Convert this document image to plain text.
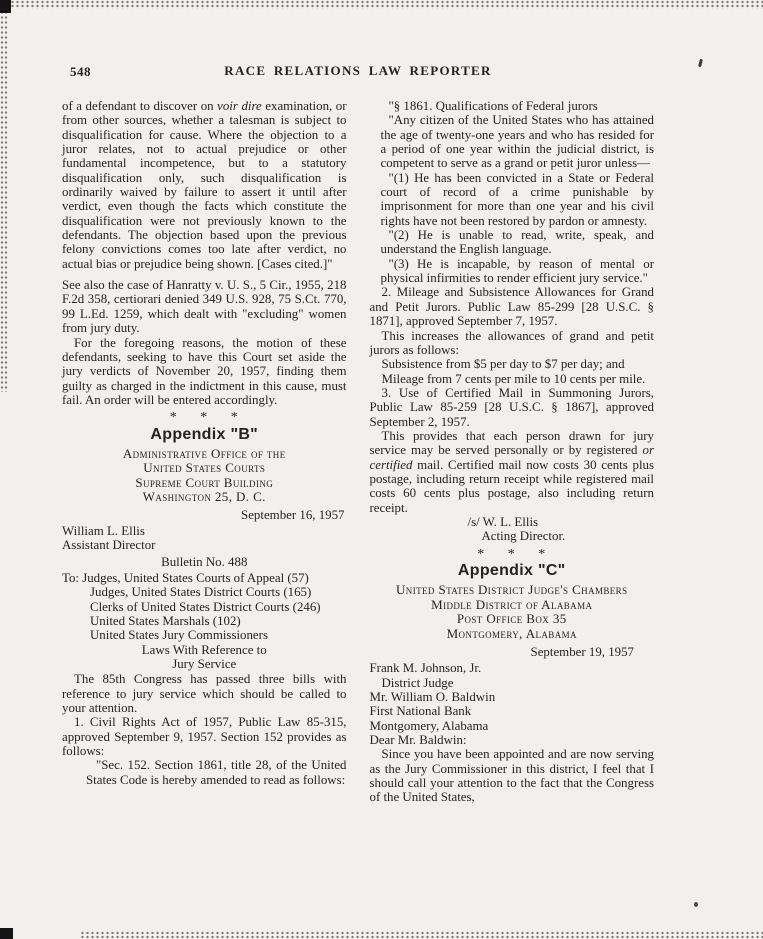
548	RACE RELATIONS LAW REPORTER

of a defendant to discover on voir dire examination, or from other sources, whether a talesman is subject to disqualification for cause. Where the objection to a juror relates, not to actual prejudice or other fundamental incompetence, but to a statutory disqualification only, such disqualification is ordinarily waived by failure to assert it until after verdict, even though the facts which constitute the disqualification were not previously known to the defendants. The objection based upon the previous felony convictions comes too late after verdict, no actual bias or prejudice being shown. [Cases cited.]"

See also the case of Hanratty v. U. S., 5 Cir., 1955, 218 F.2d 358, certiorari denied 349 U.S. 928, 75 S.Ct. 770, 99 L.Ed. 1259, which dealt with "excluding" women from jury duty.

For the foregoing reasons, the motion of these defendants, seeking to have this Court set aside the jury verdicts of November 20, 1957, finding them guilty as charged in the indictment in this cause, must fail. An order will be entered accordingly.

* * *
Appendix "B"
Administrative Office of the
United States Courts
Supreme Court Building
Washington 25, D. C.
September 16, 1957
William L. Ellis
Assistant Director
Bulletin No. 488
To: Judges, United States Courts of Appeal (57)
Judges, United States District Courts (165)
Clerks of United States District Courts (246)
United States Marshals (102)
United States Jury Commissioners
Laws With Reference to
Jury Service

The 85th Congress has passed three bills with reference to jury service which should be called to your attention.

1. Civil Rights Act of 1957, Public Law 85-315, approved September 9, 1957. Section 152 provides as follows:

"Sec. 152. Section 1861, title 28, of the United States Code is hereby amended to read as follows:

"§ 1861. Qualifications of Federal jurors

"Any citizen of the United States who has attained the age of twenty-one years and who has resided for a period of one year within the judicial district, is competent to serve as a grand or petit juror unless—

"(1) He has been convicted in a State or Federal court of record of a crime punishable by imprisonment for more than one year and his civil rights have not been restored by pardon or amnesty.

"(2) He is unable to read, write, speak, and understand the English language.

"(3) He is incapable, by reason of mental or physical infirmities to render efficient jury service."

2. Mileage and Subsistence Allowances for Grand and Petit Jurors. Public Law 85-299 [28 U.S.C. § 1871], approved September 7, 1957.

This increases the allowances of grand and petit jurors as follows:

Subsistence from $5 per day to $7 per day; and

Mileage from 7 cents per mile to 10 cents per mile.

3. Use of Certified Mail in Summoning Jurors, Public Law 85-259 [28 U.S.C. § 1867], approved September 2, 1957.

This provides that each person drawn for jury service may be served personally or by registered or certified mail. Certified mail now costs 30 cents plus postage, including return receipt while registered mail costs 60 cents plus postage, also including return receipt.

/s/ W. L. Ellis
Acting Director.
* * *
Appendix "C"
United States District Judge's Chambers
Middle District of Alabama
Post Office Box 35
Montgomery, Alabama
September 19, 1957
Frank M. Johnson, Jr.
District Judge
Mr. William O. Baldwin
First National Bank
Montgomery, Alabama
Dear Mr. Baldwin:

Since you have been appointed and are now serving as the Jury Commissioner in this district, I feel that I should call your attention to the fact that the Congress of the United States,
